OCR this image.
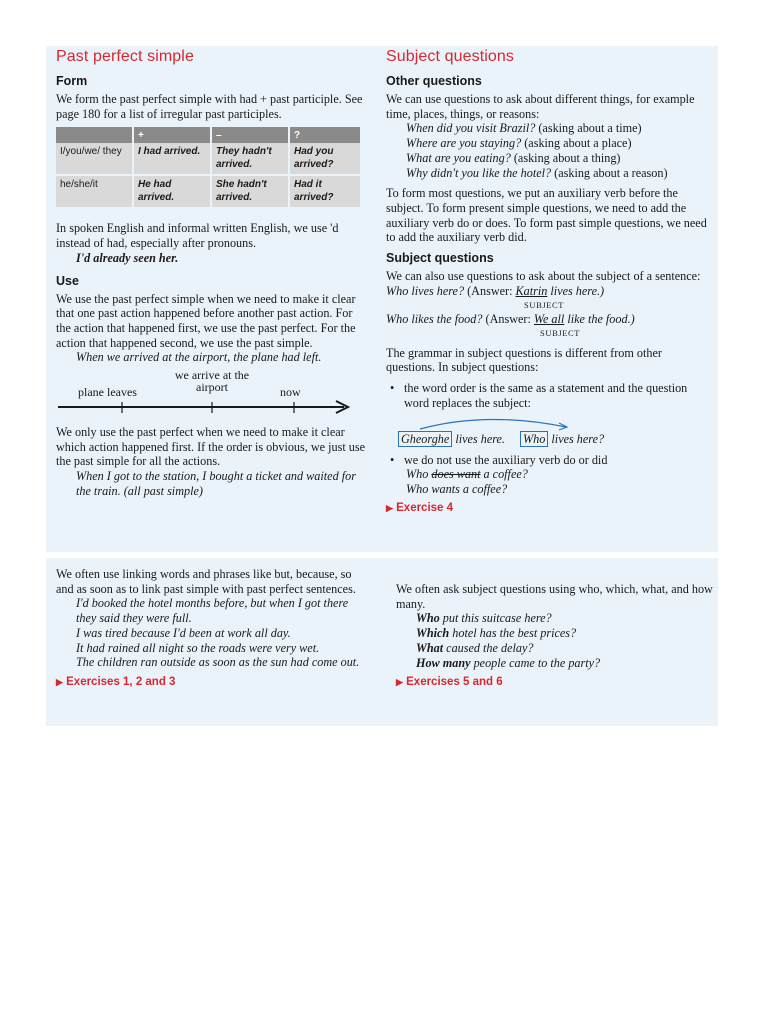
Past perfect simple
Form

We form the past perfect simple with had + past participle. See page 180 for a list of irregular past participles.

	+	–	?
I/you/we/ they	I had arrived.	They hadn't arrived.	Had you arrived?
he/she/it	He had arrived.	She hadn't arrived.	Had it arrived?

In spoken English and informal written English, we use 'd instead of had, especially after pronouns.

I'd already seen her.

Use

We use the past perfect simple when we need to make it clear that one past action happened before another past action. For the action that happened first, we use the past perfect. For the action that happened second, we use the past simple.

When we arrived at the airport, the plane had left.

plane leaves
we arrive at the airport	now

We only use the past perfect when we need to make it clear which action happened first. If the order is obvious, we just use the past simple for all the actions.

When I got to the station, I bought a ticket and waited for the train. (all past simple)

We often use linking words and phrases like but, because, so and as soon as to link past simple with past perfect sentences.

I'd booked the hotel months before, but when I got there they said they were full.

I was tired because I'd been at work all day.

It had rained all night so the roads were very wet.

The children ran outside as soon as the sun had come out.

▶ Exercises 1, 2 and 3
Subject questions
Other questions

We can use questions to ask about different things, for example time, places, things, or reasons:

When did you visit Brazil? (asking about a time)

Where are you staying? (asking about a place)

What are you eating? (asking about a thing)

Why didn't you like the hotel? (asking about a reason)

To form most questions, we put an auxiliary verb before the subject. To form present simple questions, we need to add the auxiliary verb do or does. To form past simple questions, we need to add the auxiliary verb did.

Subject questions

We can also use questions to ask about the subject of a sentence:

Who lives here? (Answer: Katrin lives here.)

SUBJECT

Who likes the food? (Answer: We all like the food.)

SUBJECT

The grammar in subject questions is different from other questions. In subject questions:

• the word order is the same as a statement and the question word replaces the subject:

Gheorghe lives here. Who lives here?

• we do not use the auxiliary verb do or did

Who does want a coffee?

Who wants a coffee?

▶ Exercise 4

We often ask subject questions using who, which, what, and how many.

Who put this suitcase here?

Which hotel has the best prices?

What caused the delay?

How many people came to the party?

▶ Exercises 5 and 6
